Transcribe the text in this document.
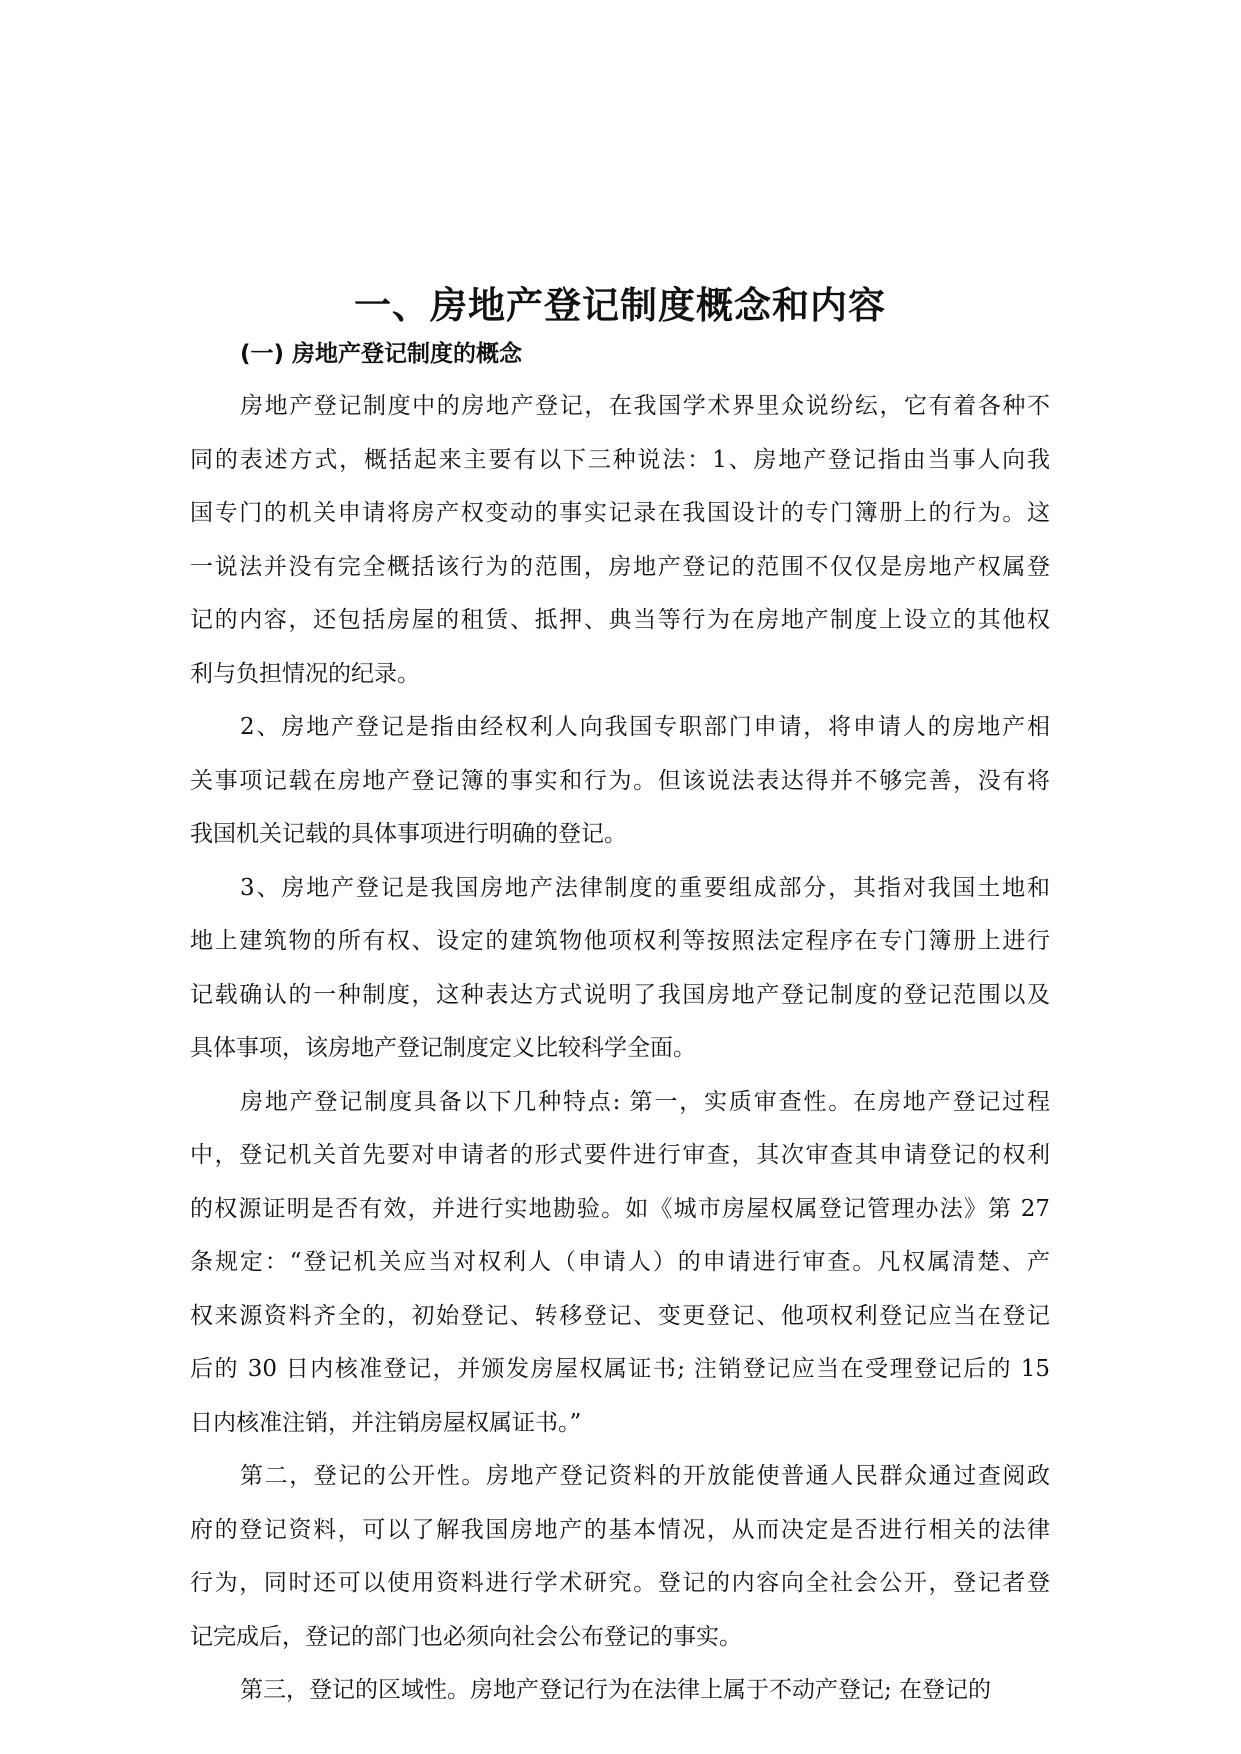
一、房地产登记制度概念和内容
(一) 房地产登记制度的概念

房地产登记制度中的房地产登记，在我国学术界里众说纷纭，它有着各种不
同的表述方式，概括起来主要有以下三种说法：1、房地产登记指由当事人向我
国专门的机关申请将房产权变动的事实记录在我国设计的专门簿册上的行为。这
一说法并没有完全概括该行为的范围，房地产登记的范围不仅仅是房地产权属登
记的内容，还包括房屋的租赁、抵押、典当等行为在房地产制度上设立的其他权
利与负担情况的纪录。

2、房地产登记是指由经权利人向我国专职部门申请，将申请人的房地产相
关事项记载在房地产登记簿的事实和行为。但该说法表达得并不够完善，没有将
我国机关记载的具体事项进行明确的登记。

3、房地产登记是我国房地产法律制度的重要组成部分，其指对我国土地和
地上建筑物的所有权、设定的建筑物他项权利等按照法定程序在专门簿册上进行
记载确认的一种制度，这种表达方式说明了我国房地产登记制度的登记范围以及
具体事项，该房地产登记制度定义比较科学全面。

房地产登记制度具备以下几种特点: 第一，实质审查性。在房地产登记过程
中，登记机关首先要对申请者的形式要件进行审查，其次审查其申请登记的权利
的权源证明是否有效，并进行实地勘验。如《城市房屋权属登记管理办法》第 27
条规定：“登记机关应当对权利人（申请人）的申请进行审查。凡权属清楚、产
权来源资料齐全的，初始登记、转移登记、变更登记、他项权利登记应当在登记
后的 30 日内核准登记，并颁发房屋权属证书; 注销登记应当在受理登记后的 15
日内核准注销，并注销房屋权属证书。”

第二，登记的公开性。房地产登记资料的开放能使普通人民群众通过查阅政
府的登记资料，可以了解我国房地产的基本情况，从而决定是否进行相关的法律
行为，同时还可以使用资料进行学术研究。登记的内容向全社会公开，登记者登
记完成后，登记的部门也必须向社会公布登记的事实。

第三，登记的区域性。房地产登记行为在法律上属于不动产登记; 在登记的
